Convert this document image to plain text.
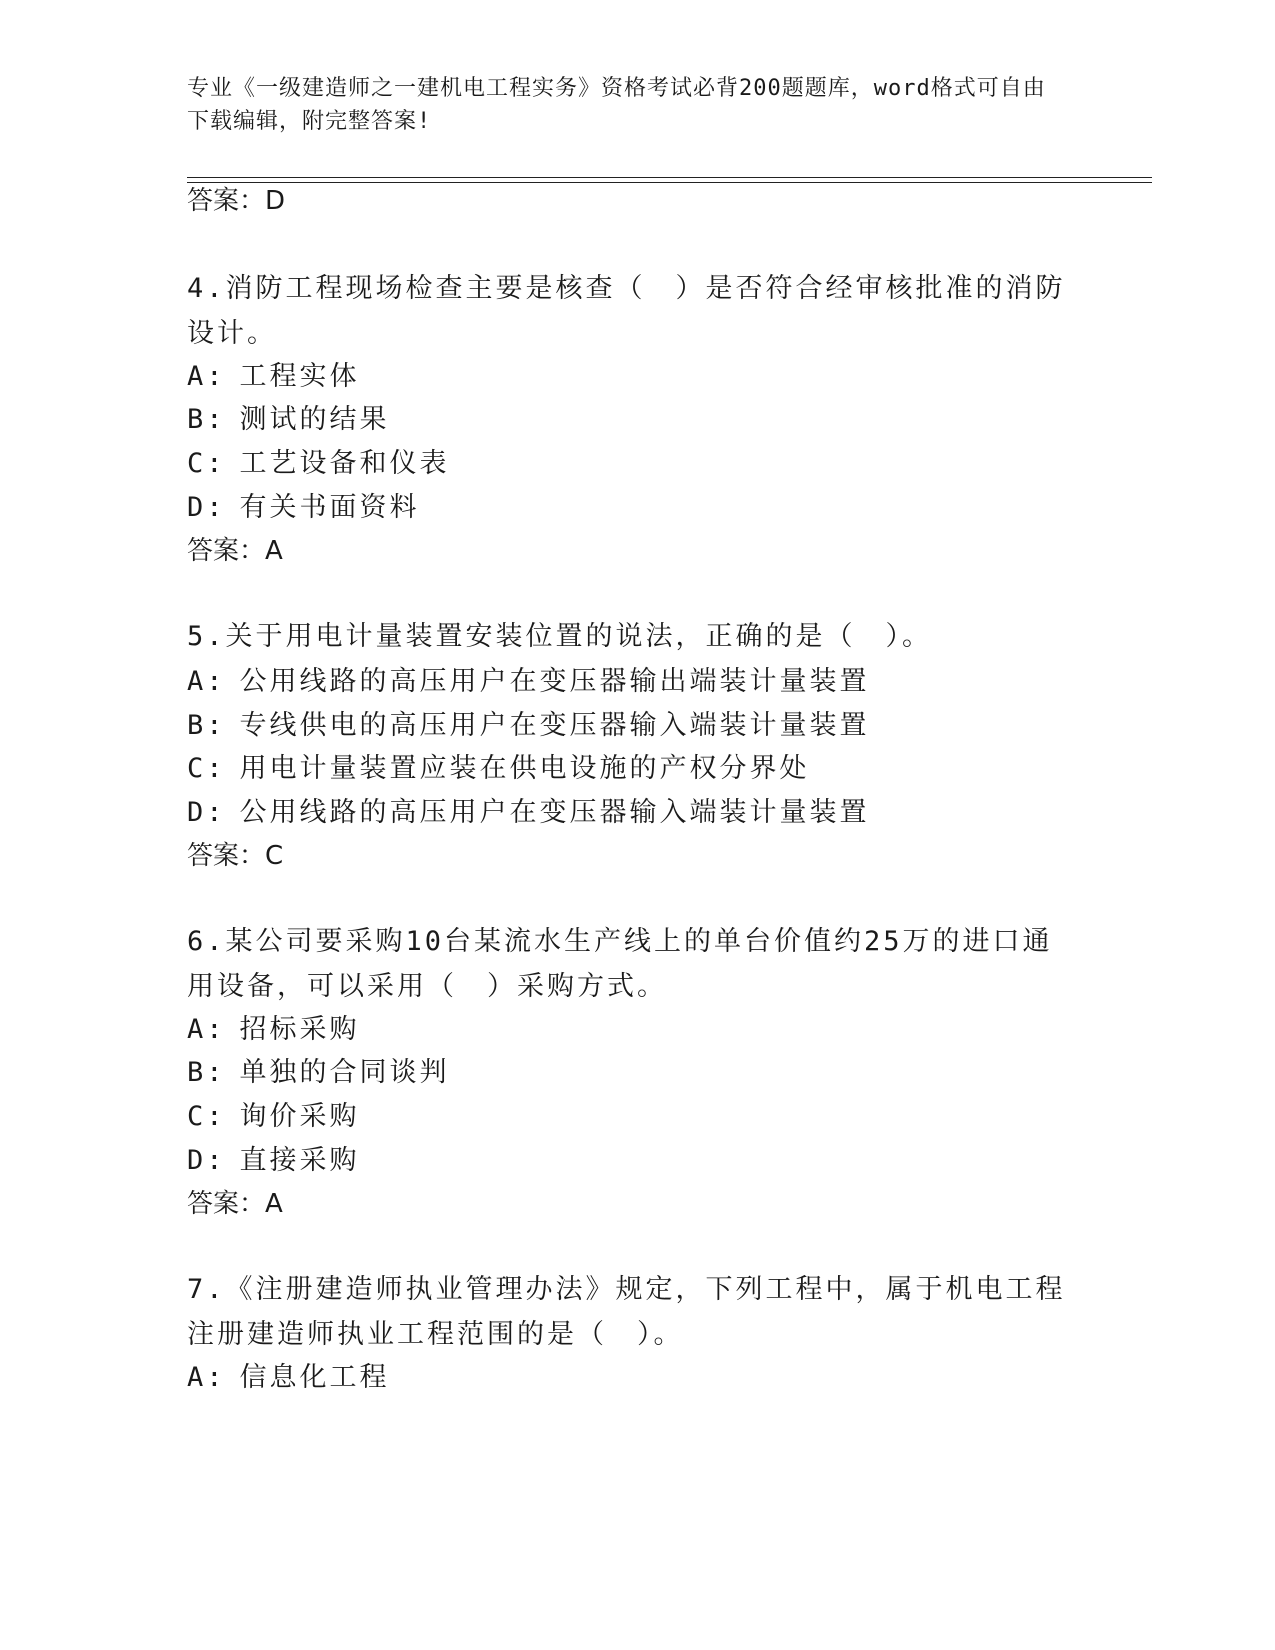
专业《一级建造师之一建机电工程实务》资格考试必背200题题库，word格式可自由下载编辑，附完整答案!
答案：D
4.消防工程现场检查主要是核查（　）是否符合经审核批准的消防设计。
A: 工程实体
B: 测试的结果
C: 工艺设备和仪表
D: 有关书面资料
答案：A
5.关于用电计量装置安装位置的说法，正确的是（　）。
A: 公用线路的高压用户在变压器输出端装计量装置
B: 专线供电的高压用户在变压器输入端装计量装置
C: 用电计量装置应装在供电设施的产权分界处
D: 公用线路的高压用户在变压器输入端装计量装置
答案：C
6.某公司要采购10台某流水生产线上的单台价值约25万的进口通用设备，可以采用（　）采购方式。
A: 招标采购
B: 单独的合同谈判
C: 询价采购
D: 直接采购
答案：A
7.《注册建造师执业管理办法》规定，下列工程中，属于机电工程注册建造师执业工程范围的是（　）。
A: 信息化工程
